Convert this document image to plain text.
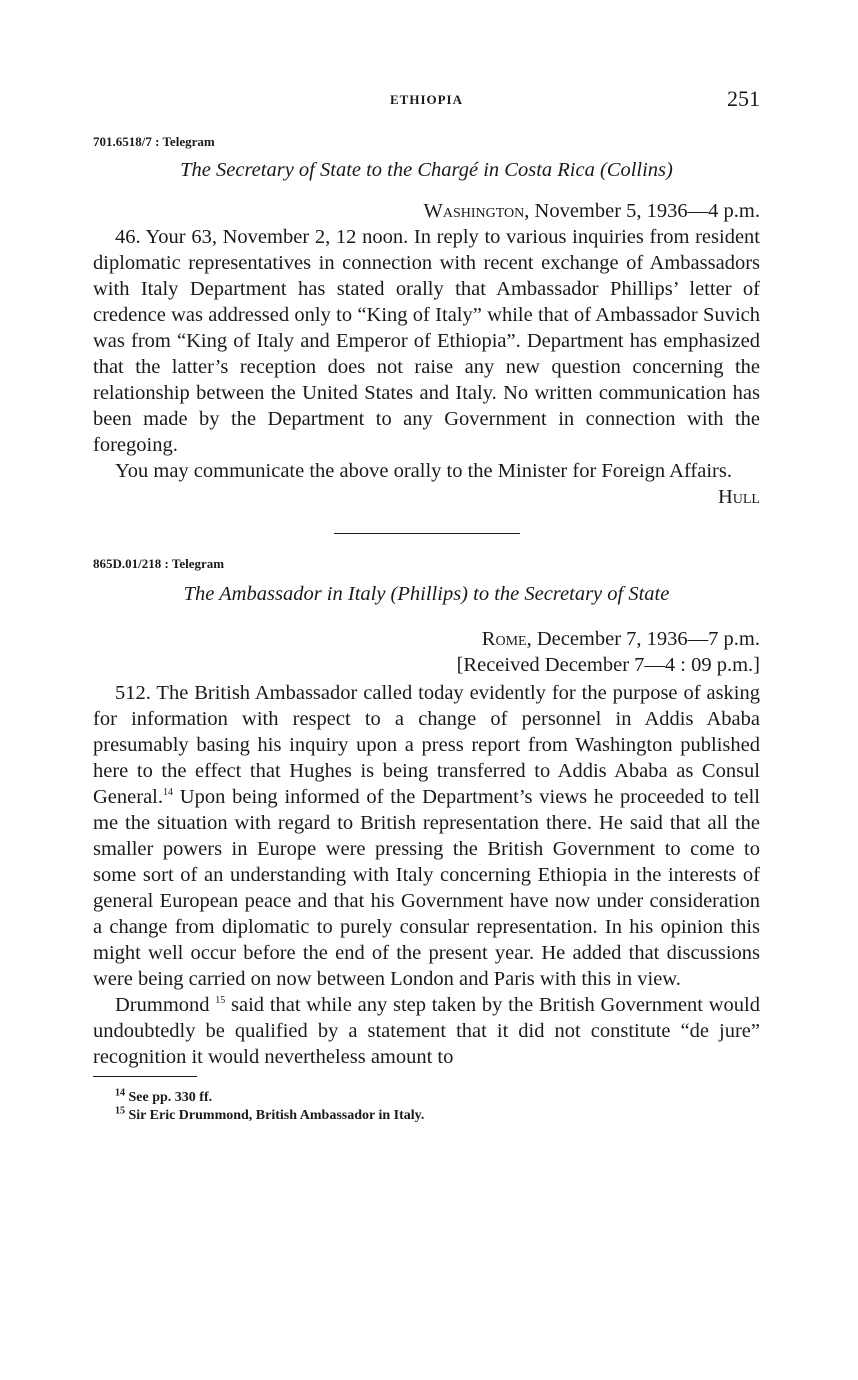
ETHIOPIA	251
701.6518/7 : Telegram
The Secretary of State to the Chargé in Costa Rica (Collins)
Washington, November 5, 1936—4 p.m.

46. Your 63, November 2, 12 noon. In reply to various inquiries from resident diplomatic representatives in connection with recent exchange of Ambassadors with Italy Department has stated orally that Ambassador Phillips’ letter of credence was addressed only to “King of Italy” while that of Ambassador Suvich was from “King of Italy and Emperor of Ethiopia”. Department has emphasized that the latter’s reception does not raise any new question concerning the relationship between the United States and Italy. No written communication has been made by the Department to any Government in connection with the foregoing.

You may communicate the above orally to the Minister for Foreign Affairs.

Hull
865D.01/218 : Telegram
The Ambassador in Italy (Phillips) to the Secretary of State
Rome, December 7, 1936—7 p.m.
[Received December 7—4 : 09 p.m.]

512. The British Ambassador called today evidently for the purpose of asking for information with respect to a change of personnel in Addis Ababa presumably basing his inquiry upon a press report from Washington published here to the effect that Hughes is being transferred to Addis Ababa as Consul General.$^{14}$ Upon being informed of the Department’s views he proceeded to tell me the situation with regard to British representation there. He said that all the smaller powers in Europe were pressing the British Government to come to some sort of an understanding with Italy concerning Ethiopia in the interests of general European peace and that his Government have now under consideration a change from diplomatic to purely consular representation. In his opinion this might well occur before the end of the present year. He added that discussions were being carried on now between London and Paris with this in view.

Drummond $^{15}$ said that while any step taken by the British Government would undoubtedly be qualified by a statement that it did not constitute “de jure” recognition it would nevertheless amount to

$^{14}$ See pp. 330 ff.
$^{15}$ Sir Eric Drummond, British Ambassador in Italy.
